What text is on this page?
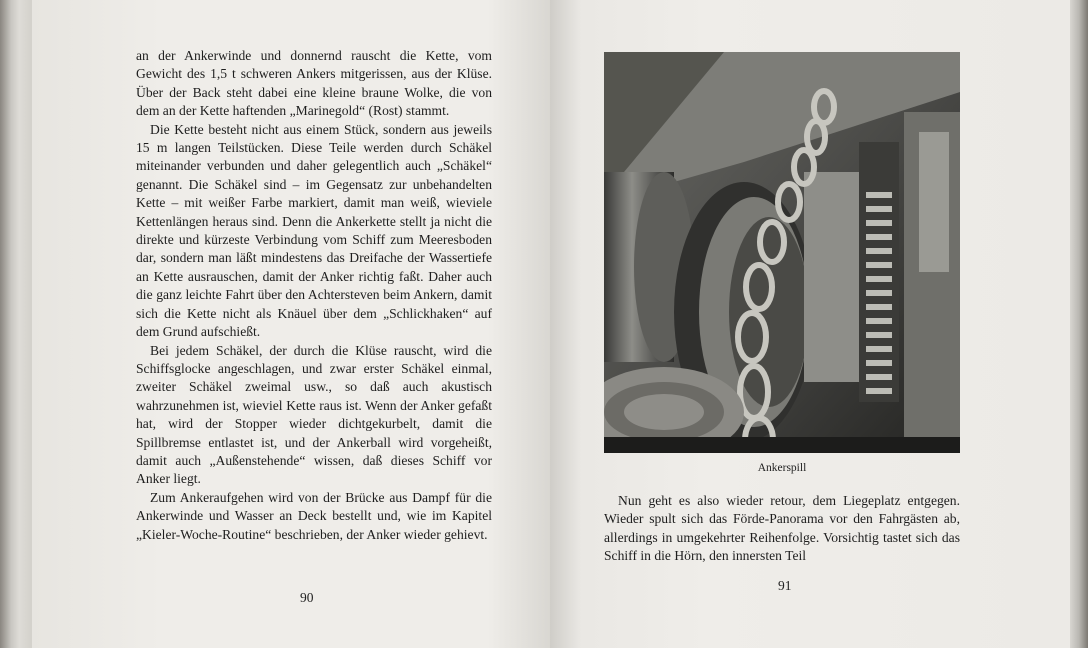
an der Ankerwinde und donnernd rauscht die Kette, vom Gewicht des 1,5 t schweren Ankers mitgerissen, aus der Klüse. Über der Back steht dabei eine kleine braune Wolke, die von dem an der Kette haftenden „Marinegold“ (Rost) stammt.

Die Kette besteht nicht aus einem Stück, sondern aus jeweils 15 m langen Teilstücken. Diese Teile werden durch Schäkel miteinander verbunden und daher gelegentlich auch „Schäkel“ genannt. Die Schäkel sind – im Gegensatz zur unbehandelten Kette – mit weißer Farbe markiert, damit man weiß, wieviele Kettenlängen heraus sind. Denn die Ankerkette stellt ja nicht die direkte und kürzeste Verbindung vom Schiff zum Meeresboden dar, sondern man läßt mindestens das Dreifache der Wassertiefe an Kette ausrauschen, damit der Anker richtig faßt. Daher auch die ganz leichte Fahrt über den Achtersteven beim Ankern, damit sich die Kette nicht als Knäuel über dem „Schlickhaken“ auf dem Grund aufschießt.

Bei jedem Schäkel, der durch die Klüse rauscht, wird die Schiffsglocke angeschlagen, und zwar erster Schäkel einmal, zweiter Schäkel zweimal usw., so daß auch akustisch wahrzunehmen ist, wieviel Kette raus ist. Wenn der Anker gefaßt hat, wird der Stopper wieder dichtgekurbelt, damit die Spillbremse entlastet ist, und der Ankerball wird vorgeheißt, damit auch „Außenstehende“ wissen, daß dieses Schiff vor Anker liegt.

Zum Ankeraufgehen wird von der Brücke aus Dampf für die Ankerwinde und Wasser an Deck bestellt und, wie im Kapitel „Kieler-Woche-Routine“ beschrieben, der Anker wieder gehievt.

90
Ankerspill

Nun geht es also wieder retour, dem Liegeplatz entgegen. Wieder spult sich das Förde-Panorama vor den Fahrgästen ab, allerdings in umgekehrter Reihenfolge. Vorsichtig tastet sich das Schiff in die Hörn, den innersten Teil

91
